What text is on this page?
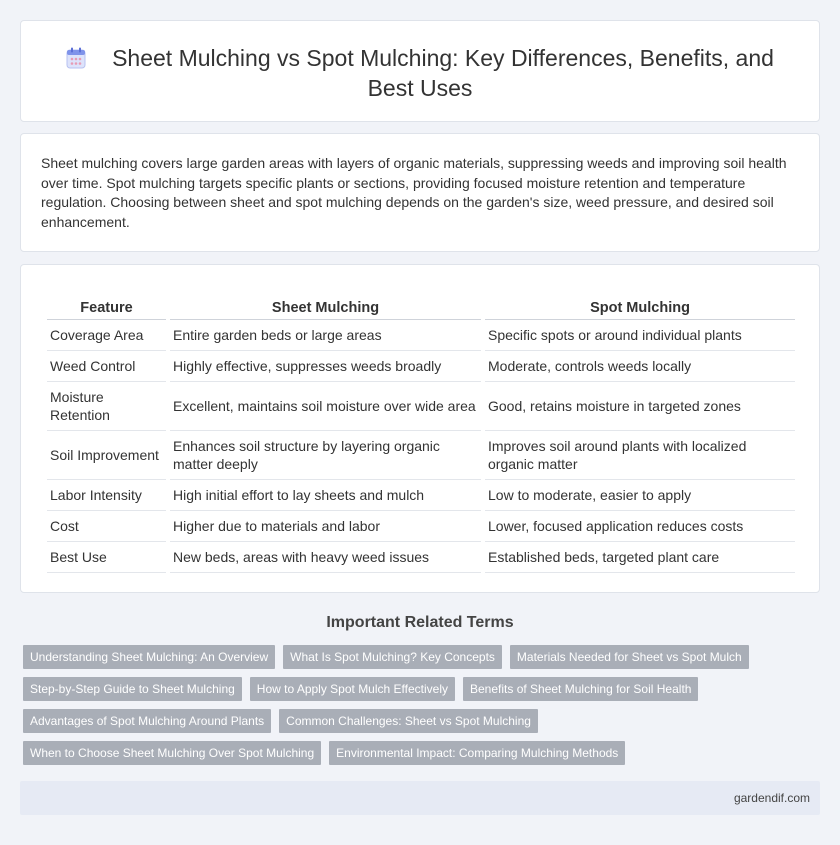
Sheet Mulching vs Spot Mulching: Key Differences, Benefits, and Best Uses

Sheet mulching covers large garden areas with layers of organic materials, suppressing weeds and improving soil health over time. Spot mulching targets specific plants or sections, providing focused moisture retention and temperature regulation. Choosing between sheet and spot mulching depends on the garden's size, weed pressure, and desired soil enhancement.

Feature	Sheet Mulching	Spot Mulching
Coverage Area	Entire garden beds or large areas	Specific spots or around individual plants
Weed Control	Highly effective, suppresses weeds broadly	Moderate, controls weeds locally
Moisture Retention	Excellent, maintains soil moisture over wide area	Good, retains moisture in targeted zones
Soil Improvement	Enhances soil structure by layering organic matter deeply	Improves soil around plants with localized organic matter
Labor Intensity	High initial effort to lay sheets and mulch	Low to moderate, easier to apply
Cost	Higher due to materials and labor	Lower, focused application reduces costs
Best Use	New beds, areas with heavy weed issues	Established beds, targeted plant care
Important Related Terms
Understanding Sheet Mulching: An Overview	What Is Spot Mulching? Key Concepts	Materials Needed for Sheet vs Spot Mulch
Step-by-Step Guide to Sheet Mulching	How to Apply Spot Mulch Effectively	Benefits of Sheet Mulching for Soil Health
Advantages of Spot Mulching Around Plants	Common Challenges: Sheet vs Spot Mulching
When to Choose Sheet Mulching Over Spot Mulching	Environmental Impact: Comparing Mulching Methods
gardendif.com
